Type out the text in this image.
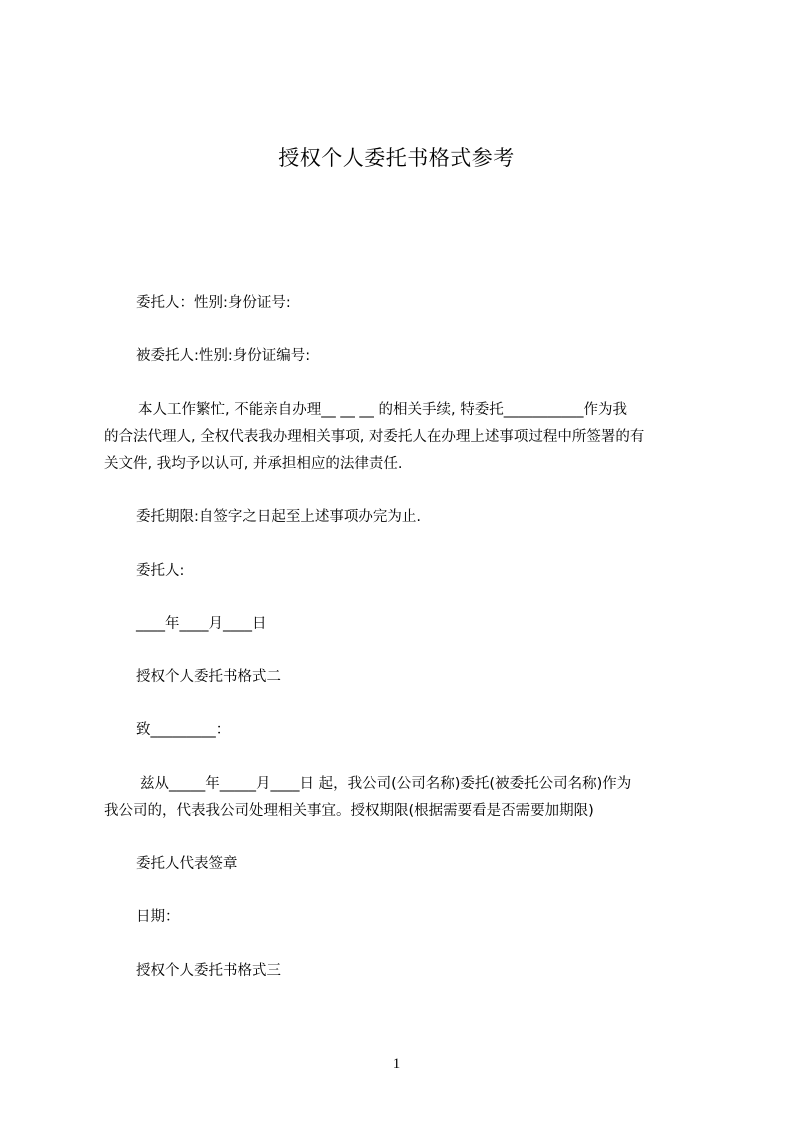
授权个人委托书格式参考
委托人：性别:身份证号:
被委托人:性别:身份证编号:
本人工作繁忙, 不能亲自办理__ __ __ 的相关手续, 特委托___________作为我
的合法代理人, 全权代表我办理相关事项, 对委托人在办理上述事项过程中所签署的有
关文件, 我均予以认可, 并承担相应的法律责任.
委托期限:自签字之日起至上述事项办完为止.
委托人:
____年____月____日
授权个人委托书格式二
致_________：
兹从_____年_____月____日 起，我公司(公司名称)委托(被委托公司名称)作为
我公司的，代表我公司处理相关事宜。授权期限(根据需要看是否需要加期限)
委托人代表签章
日期：
授权个人委托书格式三
1
